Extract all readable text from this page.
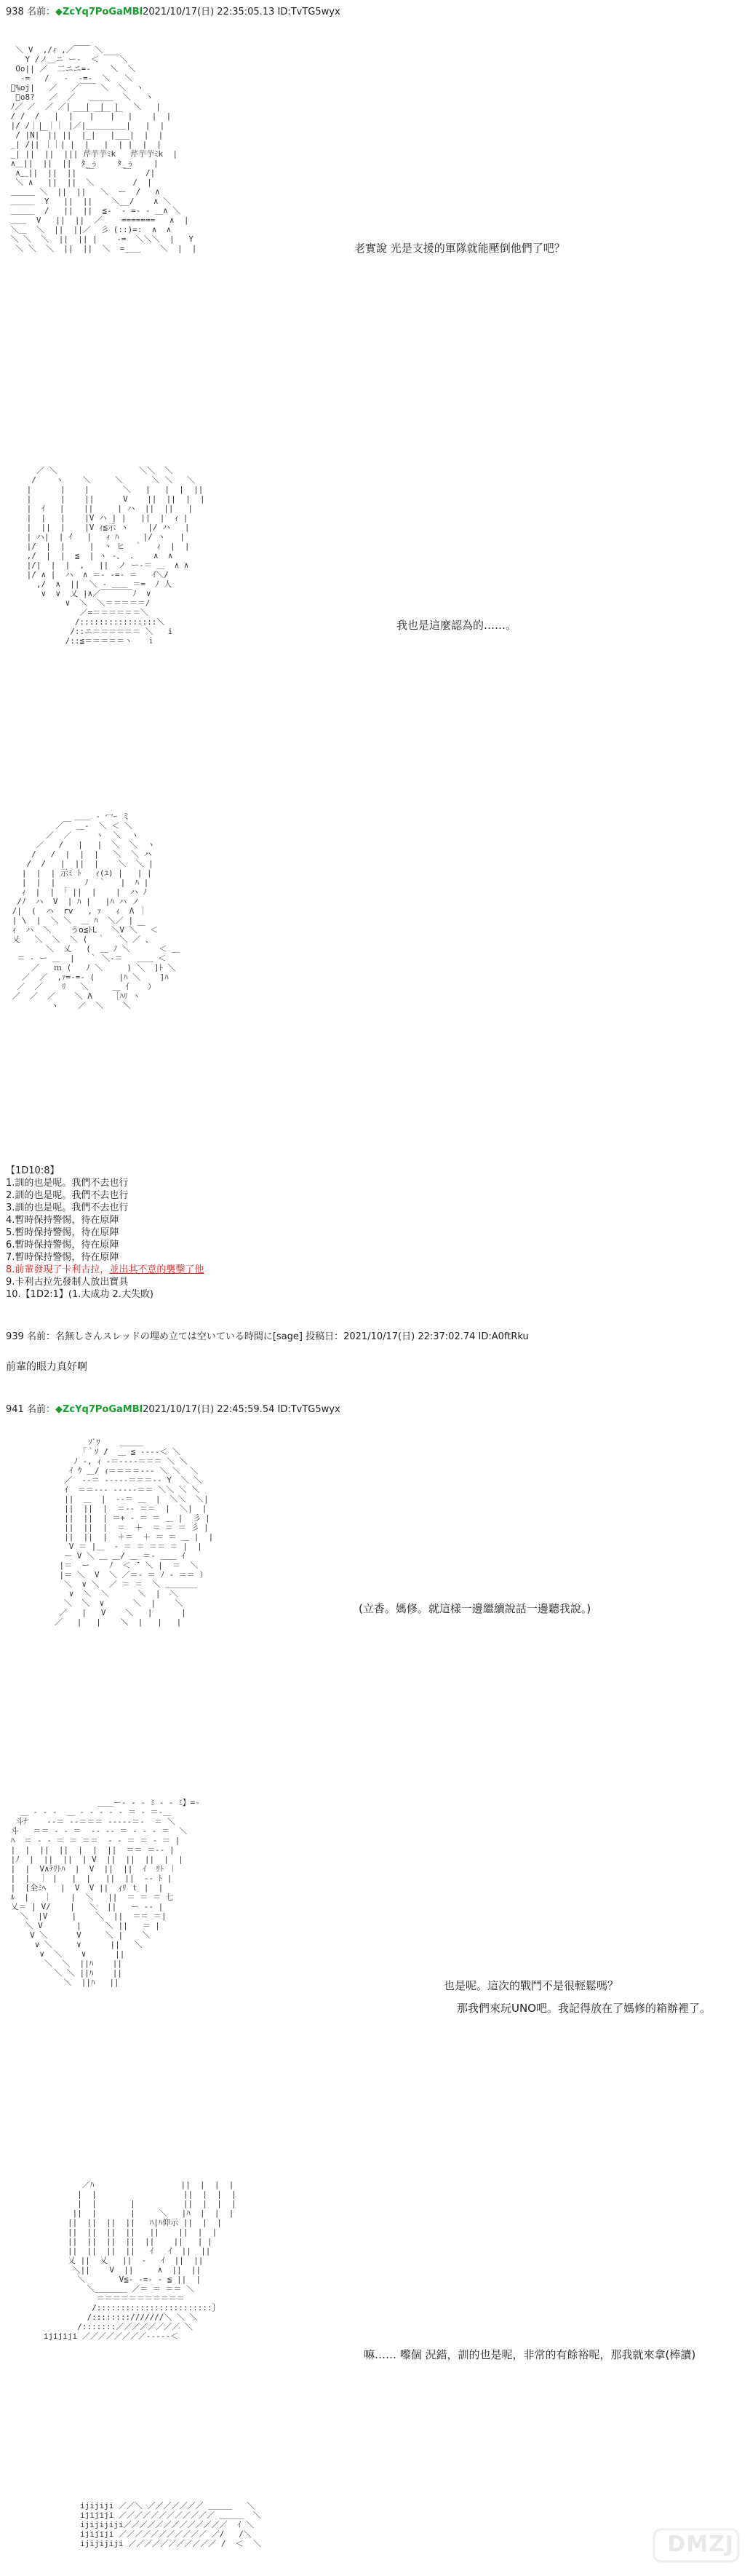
938 名前：◆ZcYq7PoGaMBl2021/10/17(日) 22:35:05.13 ID:TvTG5wyx
＼ V  ,/ｨ ,／￣￣ ＼
Y /ノ＿ニ ー‐  ＜ ￣￣＼
Oo|| ／  二ニニ=‐    ＼  ＼
-=   /   ‐  ‐=‐  ＼   ＼
ﾞ%oj|   ／   ／￣￣ ＼  ＼  ヽ
ﾟo8?   ／  ／   ＿＿＿  ＼   ヽ
ﾉ／ ／  ／ ／|   |  |  |   ＼   |
/ /  /   |  |￣￣|￣￣|￣ |    |  |
|/ /｜| ｜｜ |／|＿＿＿＿＿|   |  |
/ |N|￣|| ||  |_|   |___|  |  |
_| /|| ｜｜| |  |   |  | |  |  |
_| ||  ||  ||| 芹芋芋ﾐk   芹芋芋ﾐk  |
∧＿||  ||  ||  ﾀ_ぅ    ﾀ_ぅ    |
∧＿||  ||  ||  ￣      ￣   /|
＼ ∧   ||  ||  ＼        /  |
＿＿＿ ＼  ||  ||   ＼  ー  /   ∧
＿＿＿  Y   ||  ||    ＼__/    ∧ ＼
＿＿＿  /   ||  ||  ≦‐  ‐ =‐ - ＿∧ ＼
＿＿  V   ||  ||  ／    =======   ∧  |
＼＿  ＼  ||  ||／  彡 (::)=:  ∧  ∧
＼ ＼  ＼  ||  || |    -=  ＼＼＼  |   Y
＼ ＼  ＼  ||  ||  ＼  =＿＿    ＼  |  |	老實說 光是支援的軍隊就能壓倒他們了吧？
／ ＼                 ＼＼  ＼
/    ヽ    ＼     ＼      ＼ ＼   ＼
|      |    |       ＼   |   |  |  ||
|      |    ||      V    ||  ||  |  |
|  ｲ   |    ||     | ハ  ||  ||   |
|  |   |    |V ハ | |   ||  |  ｨ |
|  ||  |    |V ｨ≦示 ヽ    |/ ハ   |
| ハ|  | ｲ   |   ｨ ﾊ     |/ ヽ   |
|/  |  |     |  ヽ ヒ  ｀   ｨ  |  |
,/  |  |  ≦  | ヽ -、 .    ∧  ∧
|/|  |  |  ,   ||  ノ ー‐＝ ＿  ∧ ∧
|/ ∧ |  ハ  ∧ ＝‐ -=‐ ＝   ｲ＼/
,/  ∧  ||  ＼ - ＿＿ ＝=  ﾉ 人
∨  ∨  乂 |∧／￣￣￣￣ﾉ  ∨
∨  ＼  ＼＝＝＝＝＝/
／=＝＝＝＝＝＝＼
/::::::::::::::::＼
/::ニ＝＝＝＝＝＝ ＼   i
/::≦＝＝＝＝＝ヽ   ｉ
我也是這麼認為的……。
＿＿ ‐ 冖ｰ ミ
／￣ ＿‐  ＼ ＜ ＼
／  ／     ヽ  ＼  ヽ
／   /   |   |  ＼  ＼  ヽ
/   /  |  |  |   ＼  ＼ ハ
/  /   |  ||  |    ＼  ＼ |
|  |  | 示ﾐ ﾄ   ｨ(ﾕ) |   | |
|  |  |      ﾉ  ｀   |  ﾊ |
ｨ  |  | 「 ||  |    |  ハ ﾉ
/ﾉ  ハ  V  | ﾊ |   |ﾊ ハ ノ
/|  (  ハ  rv   , ｧ   ｨ  Λ ｜
| \  |  ＼ ＼  ＿ ﾊ  ＼／ |
ｨ  ハ  ＼    うo≦ﾄL   ＼V ＼￣ ＜
乂   ＼  ＼  ＼ (  ｀   ＼ ／ 、
＼  乂   (  ＿ ﾉ ＼      ＜ ＿
＝ ‐ ー ＿  |   ｀ ＼‐＝   ＿＿ ＜
／   ｍ (   ﾉ ＼     ) ＼  ]ﾄ ＼
／  ／  ,ｧ=-=‐ (     |ﾊ ＼    ]ﾊ
／  ／    ﾘ   ＼     ＿ 亻   ）
／  ／  ／    ＼ Λ    ［ﾊﾘ ヽ
ヽ    ／  ＼    ＼
【1D10:8】
1.訓的也是呢。我們不去也行
2.訓的也是呢。我們不去也行
3.訓的也是呢。我們不去也行
4.暫時保持警惕，待在原陣
5.暫時保持警惕，待在原陣
6.暫時保持警惕，待在原陣
7.暫時保持警惕，待在原陣
8.前輩發現了卡利古拉，並出其不意的襲擊了他
9.卡利古拉先發制人放出寶具
10.【1D2:1】(1.大成功 2.大失敗)
939 名前：名無しさんスレッドの埋め立ては空いている時間に[sage] 投稿日：2021/10/17(日) 22:37:02.74 ID:A0ftRku
前輩的眼力真好啊
941 名前：◆ZcYq7PoGaMBl2021/10/17(日) 22:45:59.54 ID:TvTG5wyx
ｿﾞﾜ    ＿＿＿
「｀ｿ /  ＿ ≦ ‐‐‐‐＜ ＼
ﾉ ‐, ｨ ‐＝‐‐‐‐＝＝＝ ＼ ＼
ｲ ｳ ＿/ ｨ＝＝＝＝‐‐‐ ＼ ＼  ＼
／  ‐‐＝ ‐‐‐‐‐＝＝＝‐‐ Y  ＼ ＼
ｲ  ＝＝‐‐‐ ‐‐‐‐‐＝＝ ＼＼ ＼ ＼
||  ＿  |  ‐‐＝ ＿  |  ＼＼  ＼|
||  ||  |  ＝‐‐ ＝＝  |  ＼|  |
||  ||  | ＝+ ‐ ＝ ＝ ＿ |  彡 |
||  ||  |  ＝  ＋  ＝ ＝ ＝ 彡 |
||  ||  |  ＋＝  ＋ ＝ ＝ ＿ |  |
V ＝ |＿  ‐ ＝ ＝ ＝＝ ＝ |  |
ー V ＼ ＿ ＿/ ＿ ＝‐ ＿＿ ｲ
|＝  ー    ﾉ  ＜ ¨ ＼ |  ＝  ＼
|＝ ＼  V  ＼ ／＝‐ ＝ ﾉ ‐ ＝＝ ）
＼  ∨ ＼  ／ ＝ ＝  ＼ ＿＿＿＿
∨  ＼  ＼      ＼  |  ＼
＼  ＼  ∨      ＼  |    ＼
／   |   V    ＼   |      |
／   |   |    ＼  |   |   |
(立香。媽修。就這樣一邊繼續說話一邊聽我說。)
＿＿ー‐ ‐ ‐ ﾐ ‐ ‐ ﾐ】=‐
＿ ‐ ‐ ‐  ＿ ‐ ‐ ‐ ‐ ‐ ＝ ‐ ＝‐＿
斗ﾅ    ‐‐＝ ‐‐＝＝＝ ‐‐‐‐‐＝‐  ＝ ＼
斗   ＝＝ ‐ ‐ ＝  ‐‐ ‐‐ ＝ ‐ ‐ ‐ ＝  ＼
ﾊ  ＝ ‐ ‐ ＝ ＝ ＝＝  ‐ ‐ ＝ ＝ ‐ ＝ |
|  |  ||  ||  |  |  ||  ＝＝ ＝‐‐ |
|ﾉ  |  ||  ||  | V  ||  ||  ||  |  |
|  |  V∧ﾃﾘﾄﾊ  |  V  ||  ||  ｲ  ﾘﾄ ｜
|  |  ｜ |   |  |   ||  ||  ‐‐ ﾄ |
|  [全ﾐﾍ   |  V  V ||  ｨﾘ ｔ |  |
ﾙ  |   ｜    |  ＼   ||  ＝ ＝ ＝ 七
乂＝ | V/    |   ＼  ||   ー ‐‐ |
＼  |V     |    ＼  ||  ＝＝ ＝|
＼ V       |     ＼ ||   ＝ |
V ＼      V     ＼ |    ＼
∨ ＼     ∨      ||   ＼
∨  ＼    ∨      ||
＼  ＼  ||ﾊ    ||
＼ ＼ ||ﾊ    ||
＼  ||ﾊ   ||	也是呢。這次的戰鬥不是很輕鬆嗎？
那我們來玩UNO吧。我記得放在了媽修的箱辦裡了。
／ﾊ                  ||  |  |  |
|  |                  ||  |  |  |
|  |       |          ||  |  |  |
||  |       |     ＼   |ﾊ  |  |  |
||  ||  ||  ||   ﾊ|ﾊ仰示 ||  |  |
||  ||  ||  ||   ||    ||  |  |
||  ||  ||  ||  ||    ||   | |
||  ||  ||  ||   ｲ   ｲ  ||  ||
乂 ||  乂   ||  ‐   ｲ  ||  ||
＼||    V  ||     ∧  ||  ||
＼       V≦‐ ‐=‐ ‐ ≦ ||  |
＼＿＿＿＿ ／＝ ＝ ＝＝ ＼
＝＝＝＝＝＝＝＝＝＝＝
/::::::::::::::::::::::::｝
/::::::::///////＼ ＼ ＼
/:::::::／／／／／／／／ ＼
ijijiji ／／／／／／／／‐‐‐‐‐＜
ijijiji ／／＼ ／／／／／／／ ＿＿＿   ＼
ijijiji ／／／／／／／／／／／／ ＿＿＿  ＼
ijijijiji／／／／／／／／／／／／／  ｲ ＼
ijijiji ／／／／／／／／／／／ ／/   /＼
ijijijiji ／／／／／／／／／／／ /  ＜  ＼
嘛…… 嚟個 況錯，訓的也是呢，非常的有餘裕呢，那我就來拿(棒讀)
DMZJ
